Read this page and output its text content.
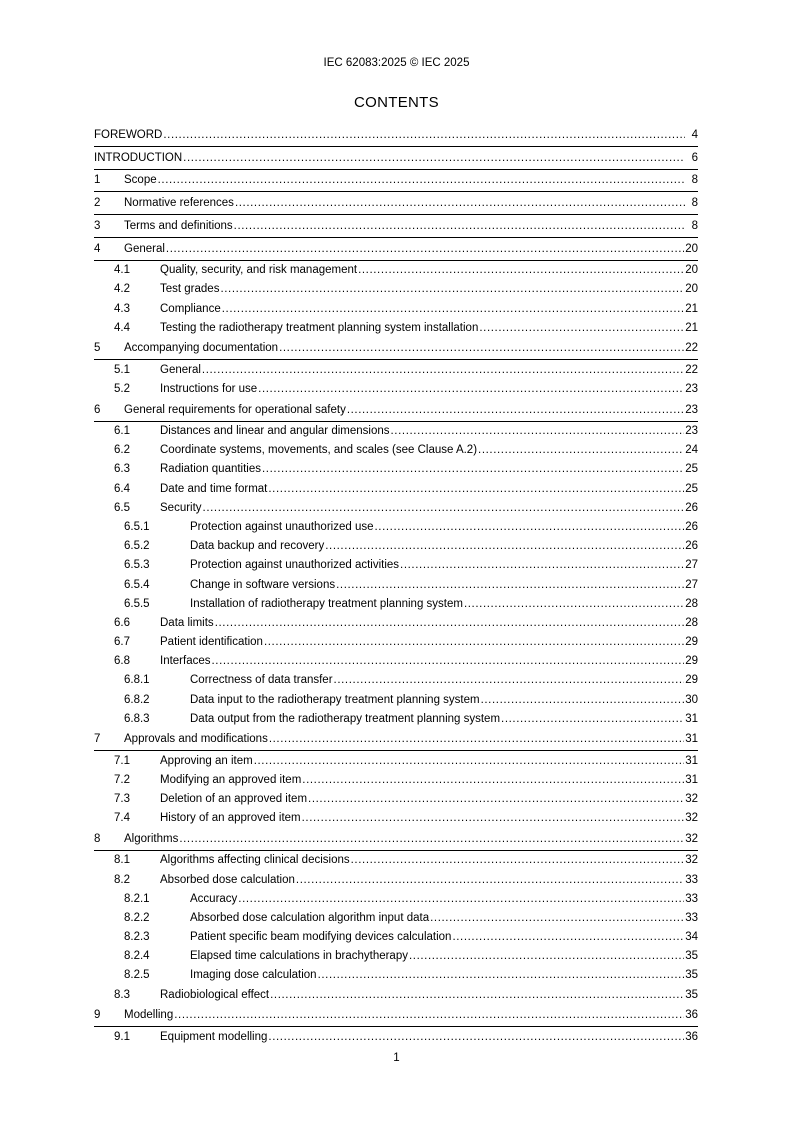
IEC 62083:2025 © IEC 2025
CONTENTS
FOREWORD .....	4
INTRODUCTION .....	6
1	Scope .....	8
2	Normative references .....	8
3	Terms and definitions .....	8
4	General .....	20
4.1	Quality, security, and risk management .....	20
4.2	Test grades .....	20
4.3	Compliance .....	21
4.4	Testing the radiotherapy treatment planning system installation .....	21
5	Accompanying documentation .....	22
5.1	General .....	22
5.2	Instructions for use .....	23
6	General requirements for operational safety .....	23
6.1	Distances and linear and angular dimensions .....	23
6.2	Coordinate systems, movements, and scales (see Clause A.2) .....	24
6.3	Radiation quantities .....	25
6.4	Date and time format .....	25
6.5	Security .....	26
6.5.1	Protection against unauthorized use .....	26
6.5.2	Data backup and recovery .....	26
6.5.3	Protection against unauthorized activities .....	27
6.5.4	Change in software versions .....	27
6.5.5	Installation of radiotherapy treatment planning system .....	28
6.6	Data limits .....	28
6.7	Patient identification .....	29
6.8	Interfaces .....	29
6.8.1	Correctness of data transfer .....	29
6.8.2	Data input to the radiotherapy treatment planning system .....	30
6.8.3	Data output from the radiotherapy treatment planning system .....	31
7	Approvals and modifications .....	31
7.1	Approving an item .....	31
7.2	Modifying an approved item .....	31
7.3	Deletion of an approved item .....	32
7.4	History of an approved item .....	32
8	Algorithms .....	32
8.1	Algorithms affecting clinical decisions .....	32
8.2	Absorbed dose calculation .....	33
8.2.1	Accuracy .....	33
8.2.2	Absorbed dose calculation algorithm input data .....	33
8.2.3	Patient specific beam modifying devices calculation .....	34
8.2.4	Elapsed time calculations in brachytherapy .....	35
8.2.5	Imaging dose calculation .....	35
8.3	Radiobiological effect .....	35
9	Modelling .....	36
9.1	Equipment modelling .....	36
1
